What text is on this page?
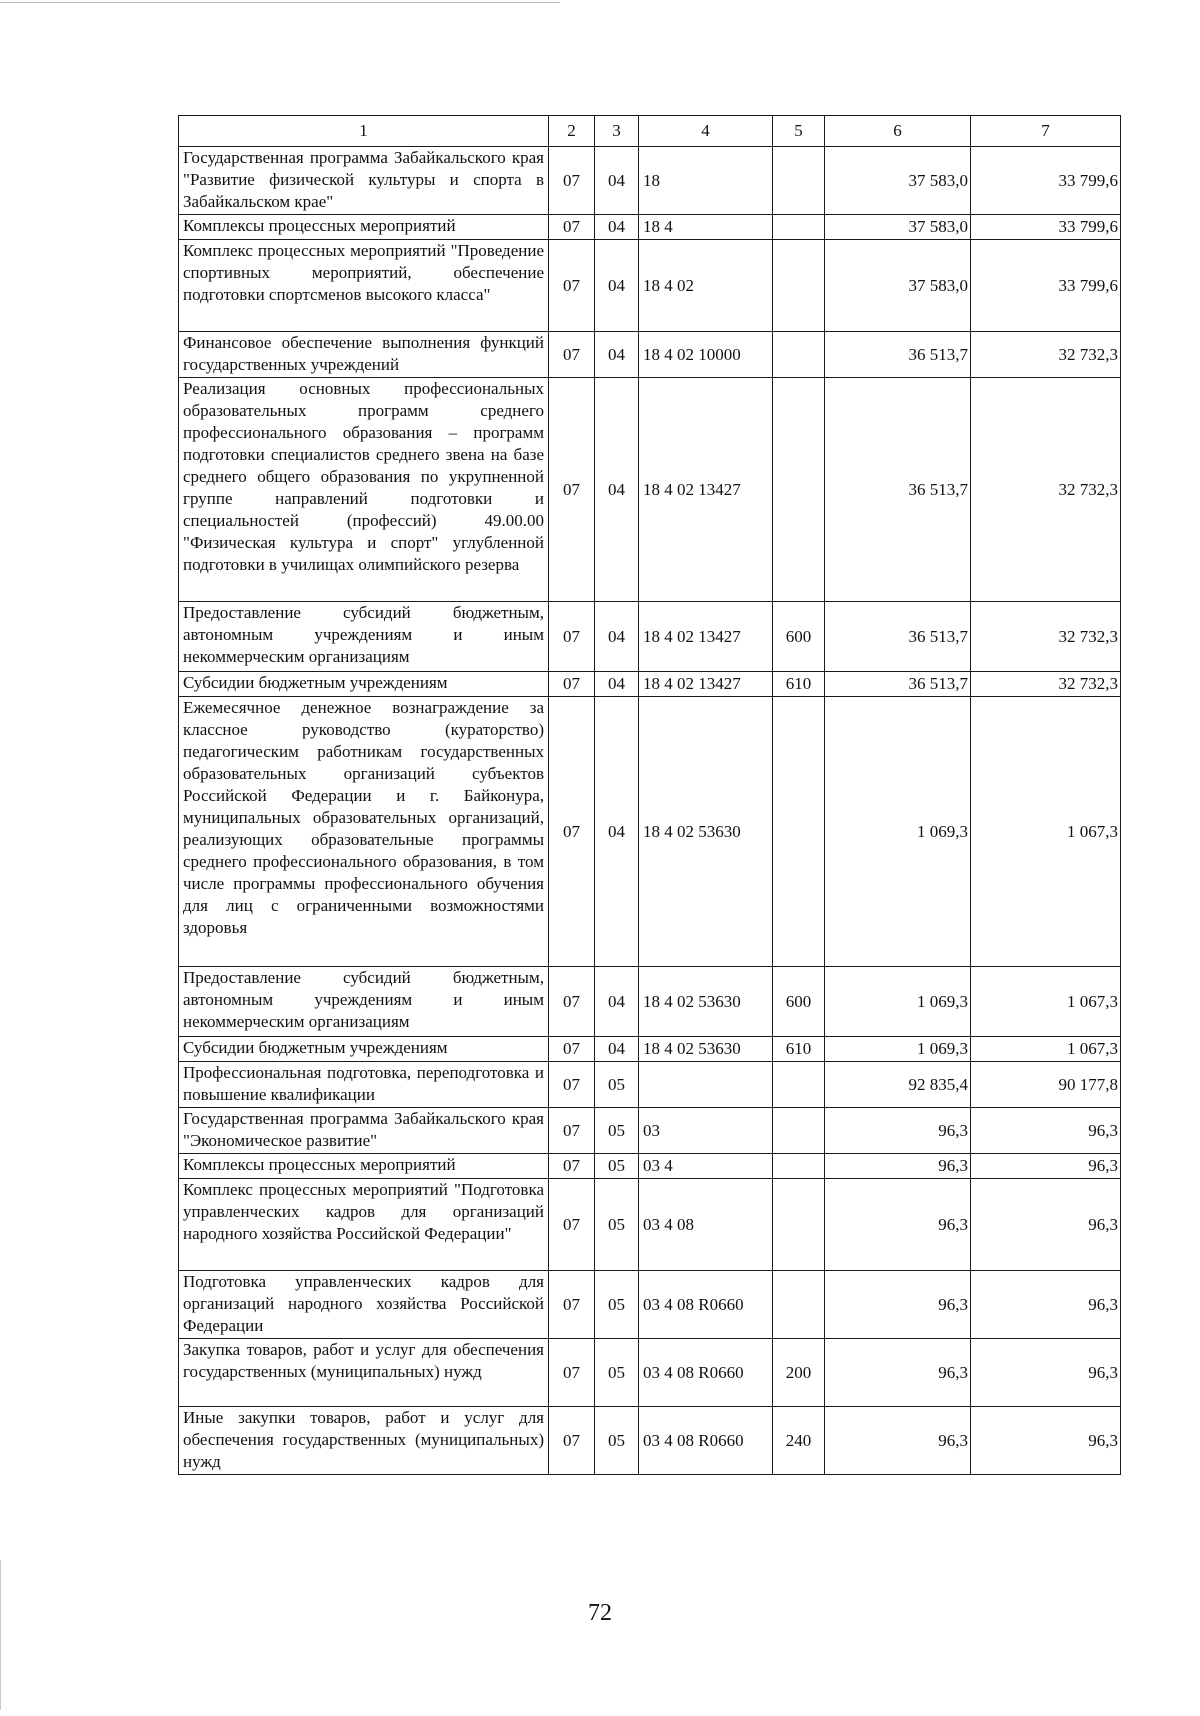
1	2	3	4	5	6	7
Государственная программа Забайкальского края "Развитие физической культуры и спорта в Забайкальском крае"	07	04	18		37 583,0	33 799,6
Комплексы процессных мероприятий	07	04	18 4		37 583,0	33 799,6
Комплекс процессных мероприятий "Проведение спортивных мероприятий, обеспечение подготовки спортсменов высокого класса"	07	04	18 4 02		37 583,0	33 799,6
Финансовое обеспечение выполнения функций государственных учреждений	07	04	18 4 02 10000		36 513,7	32 732,3
Реализация основных профессиональных образовательных программ среднего профессионального образования – программ подготовки специалистов среднего звена на базе среднего общего образования по укрупненной группе направлений подготовки и специальностей (профессий) 49.00.00 "Физическая культура и спорт" углубленной подготовки в училищах олимпийского резерва	07	04	18 4 02 13427		36 513,7	32 732,3
Предоставление субсидий бюджетным, автономным учреждениям и иным некоммерческим организациям	07	04	18 4 02 13427	600	36 513,7	32 732,3
Субсидии бюджетным учреждениям	07	04	18 4 02 13427	610	36 513,7	32 732,3
Ежемесячное денежное вознаграждение за классное руководство (кураторство) педагогическим работникам государственных образовательных организаций субъектов Российской Федерации и г. Байконура, муниципальных образовательных организаций, реализующих образовательные программы среднего профессионального образования, в том числе программы профессионального обучения для лиц с ограниченными возможностями здоровья	07	04	18 4 02 53630		1 069,3	1 067,3
Предоставление субсидий бюджетным, автономным учреждениям и иным некоммерческим организациям	07	04	18 4 02 53630	600	1 069,3	1 067,3
Субсидии бюджетным учреждениям	07	04	18 4 02 53630	610	1 069,3	1 067,3
Профессиональная подготовка, переподготовка и повышение квалификации	07	05			92 835,4	90 177,8
Государственная программа Забайкальского края "Экономическое развитие"	07	05	03		96,3	96,3
Комплексы процессных мероприятий	07	05	03 4		96,3	96,3
Комплекс процессных мероприятий "Подготовка управленческих кадров для организаций народного хозяйства Российской Федерации"	07	05	03 4 08		96,3	96,3
Подготовка управленческих кадров для организаций народного хозяйства Российской Федерации	07	05	03 4 08 R0660		96,3	96,3
Закупка товаров, работ и услуг для обеспечения государственных (муниципальных) нужд	07	05	03 4 08 R0660	200	96,3	96,3
Иные закупки товаров, работ и услуг для обеспечения государственных (муниципальных) нужд	07	05	03 4 08 R0660	240	96,3	96,3
72
